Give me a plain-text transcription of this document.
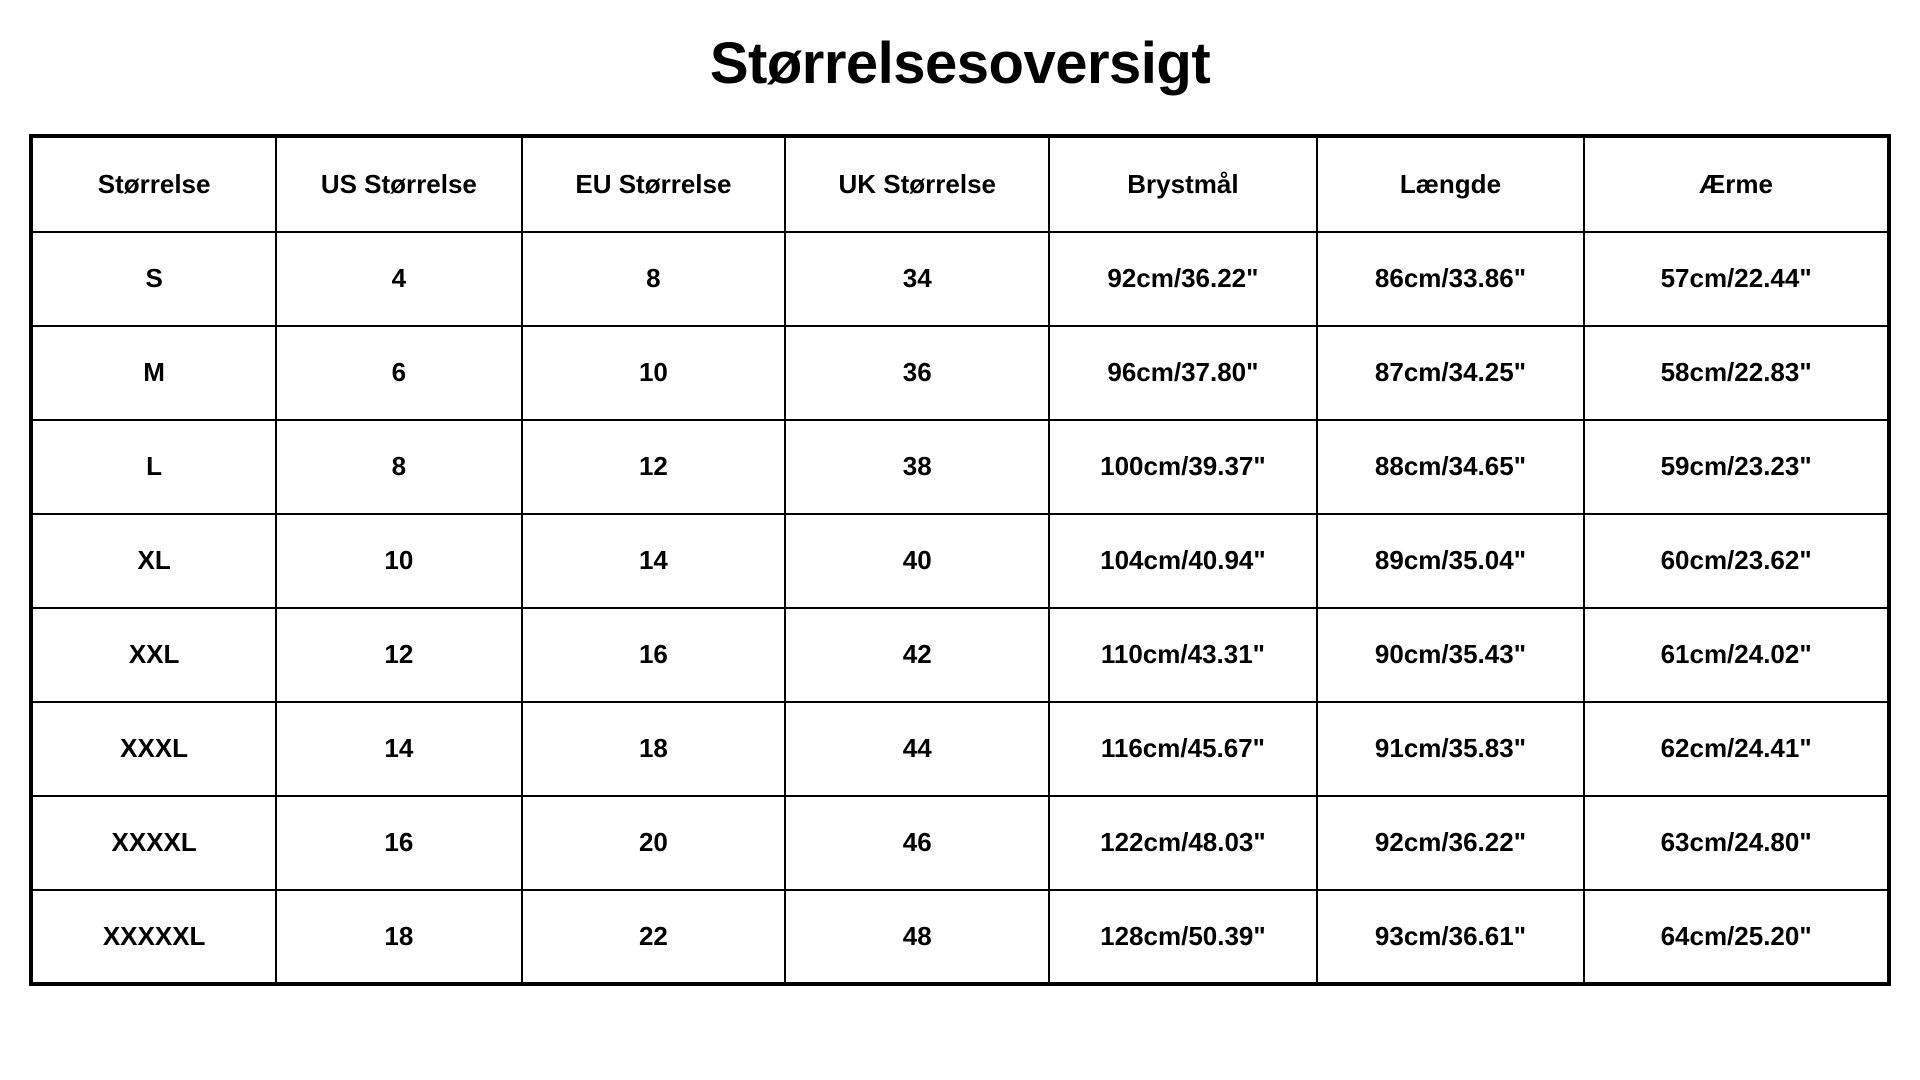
Størrelsesoversigt
Størrelse	US Størrelse	EU Størrelse	UK Størrelse	Brystmål	Længde	Ærme
S	4	8	34	92cm/36.22"	86cm/33.86"	57cm/22.44"
M	6	10	36	96cm/37.80"	87cm/34.25"	58cm/22.83"
L	8	12	38	100cm/39.37"	88cm/34.65"	59cm/23.23"
XL	10	14	40	104cm/40.94"	89cm/35.04"	60cm/23.62"
XXL	12	16	42	110cm/43.31"	90cm/35.43"	61cm/24.02"
XXXL	14	18	44	116cm/45.67"	91cm/35.83"	62cm/24.41"
XXXXL	16	20	46	122cm/48.03"	92cm/36.22"	63cm/24.80"
XXXXXL	18	22	48	128cm/50.39"	93cm/36.61"	64cm/25.20"
